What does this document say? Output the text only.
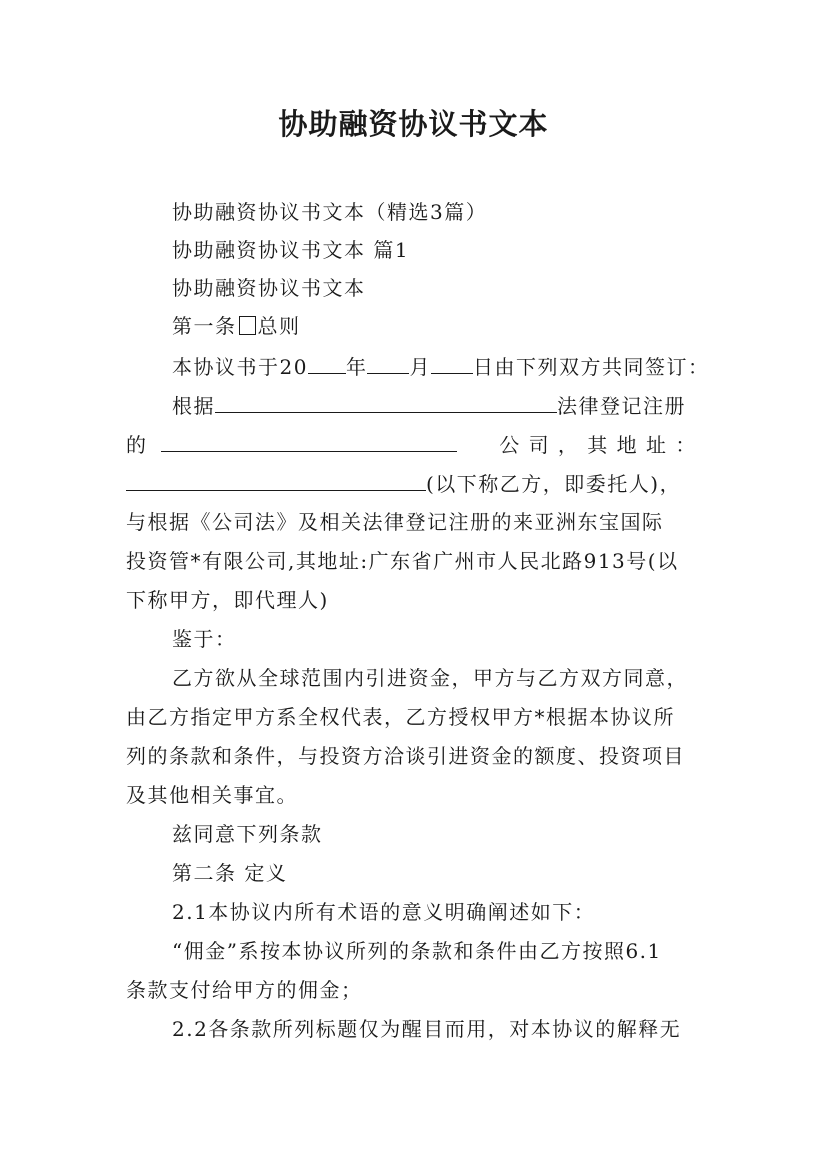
协助融资协议书文本
协助融资协议书文本（精选3篇）
协助融资协议书文本 篇1
协助融资协议书文本
第一条 总则
本协议书于20 年 月 日由下列双方共同签订：
根据	法律登记注册
的	公 司 ， 其 地 址 ：
(以下称乙方，即委托人)，
与根据《公司法》及相关法律登记注册的来亚洲东宝国际
投资管*有限公司,其地址:广东省广州市人民北路913号(以
下称甲方，即代理人)
鉴于：
乙方欲从全球范围内引进资金，甲方与乙方双方同意，
由乙方指定甲方系全权代表，乙方授权甲方*根据本协议所
列的条款和条件，与投资方洽谈引进资金的额度、投资项目
及其他相关事宜。
兹同意下列条款
第二条 定义
2.1本协议内所有术语的意义明确阐述如下：
“佣金”系按本协议所列的条款和条件由乙方按照6.1
条款支付给甲方的佣金；
2.2各条款所列标题仅为醒目而用，对本协议的解释无
